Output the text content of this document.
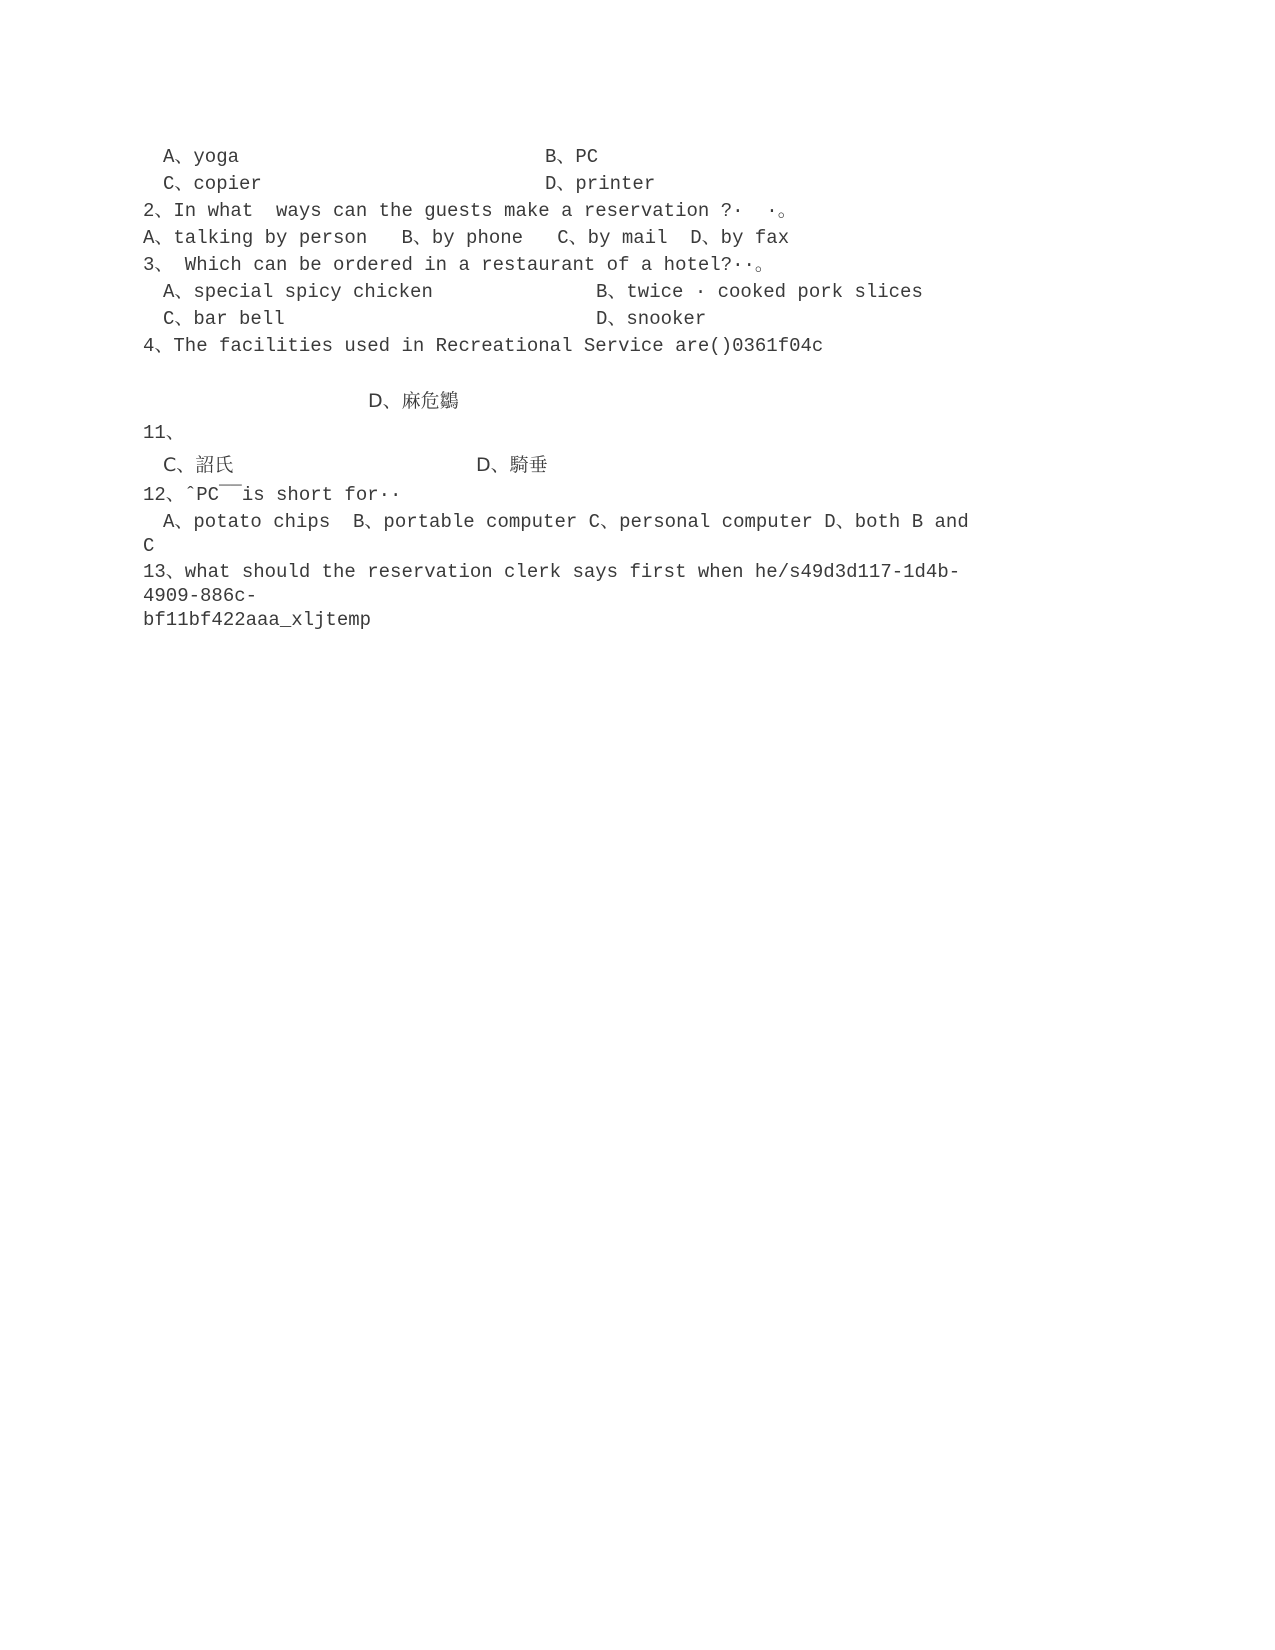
A、yoga	B、PC
C、copier	D、printer
2、In what  ways can the guests make a reservation ?·  ·。
A、talking by person   B、by phone   C、by mail  D、by fax
3、 Which can be ordered in a restaurant of a hotel?··。
A、special spicy chicken	B、twice · cooked pork slices
C、bar bell	D、snooker
4、The facilities used in Recreational Service are()0361f04c
D、麻危鶵
11、
C、詔氏	D、騎垂
12、ˆPC¯¯is short for··
A、potato chips  B、portable computer C、personal computer D、both B and
C
13、what should the reservation clerk says first when he/s49d3d117-1d4b-
4909-886c-
bf11bf422aaa_xljtemp
